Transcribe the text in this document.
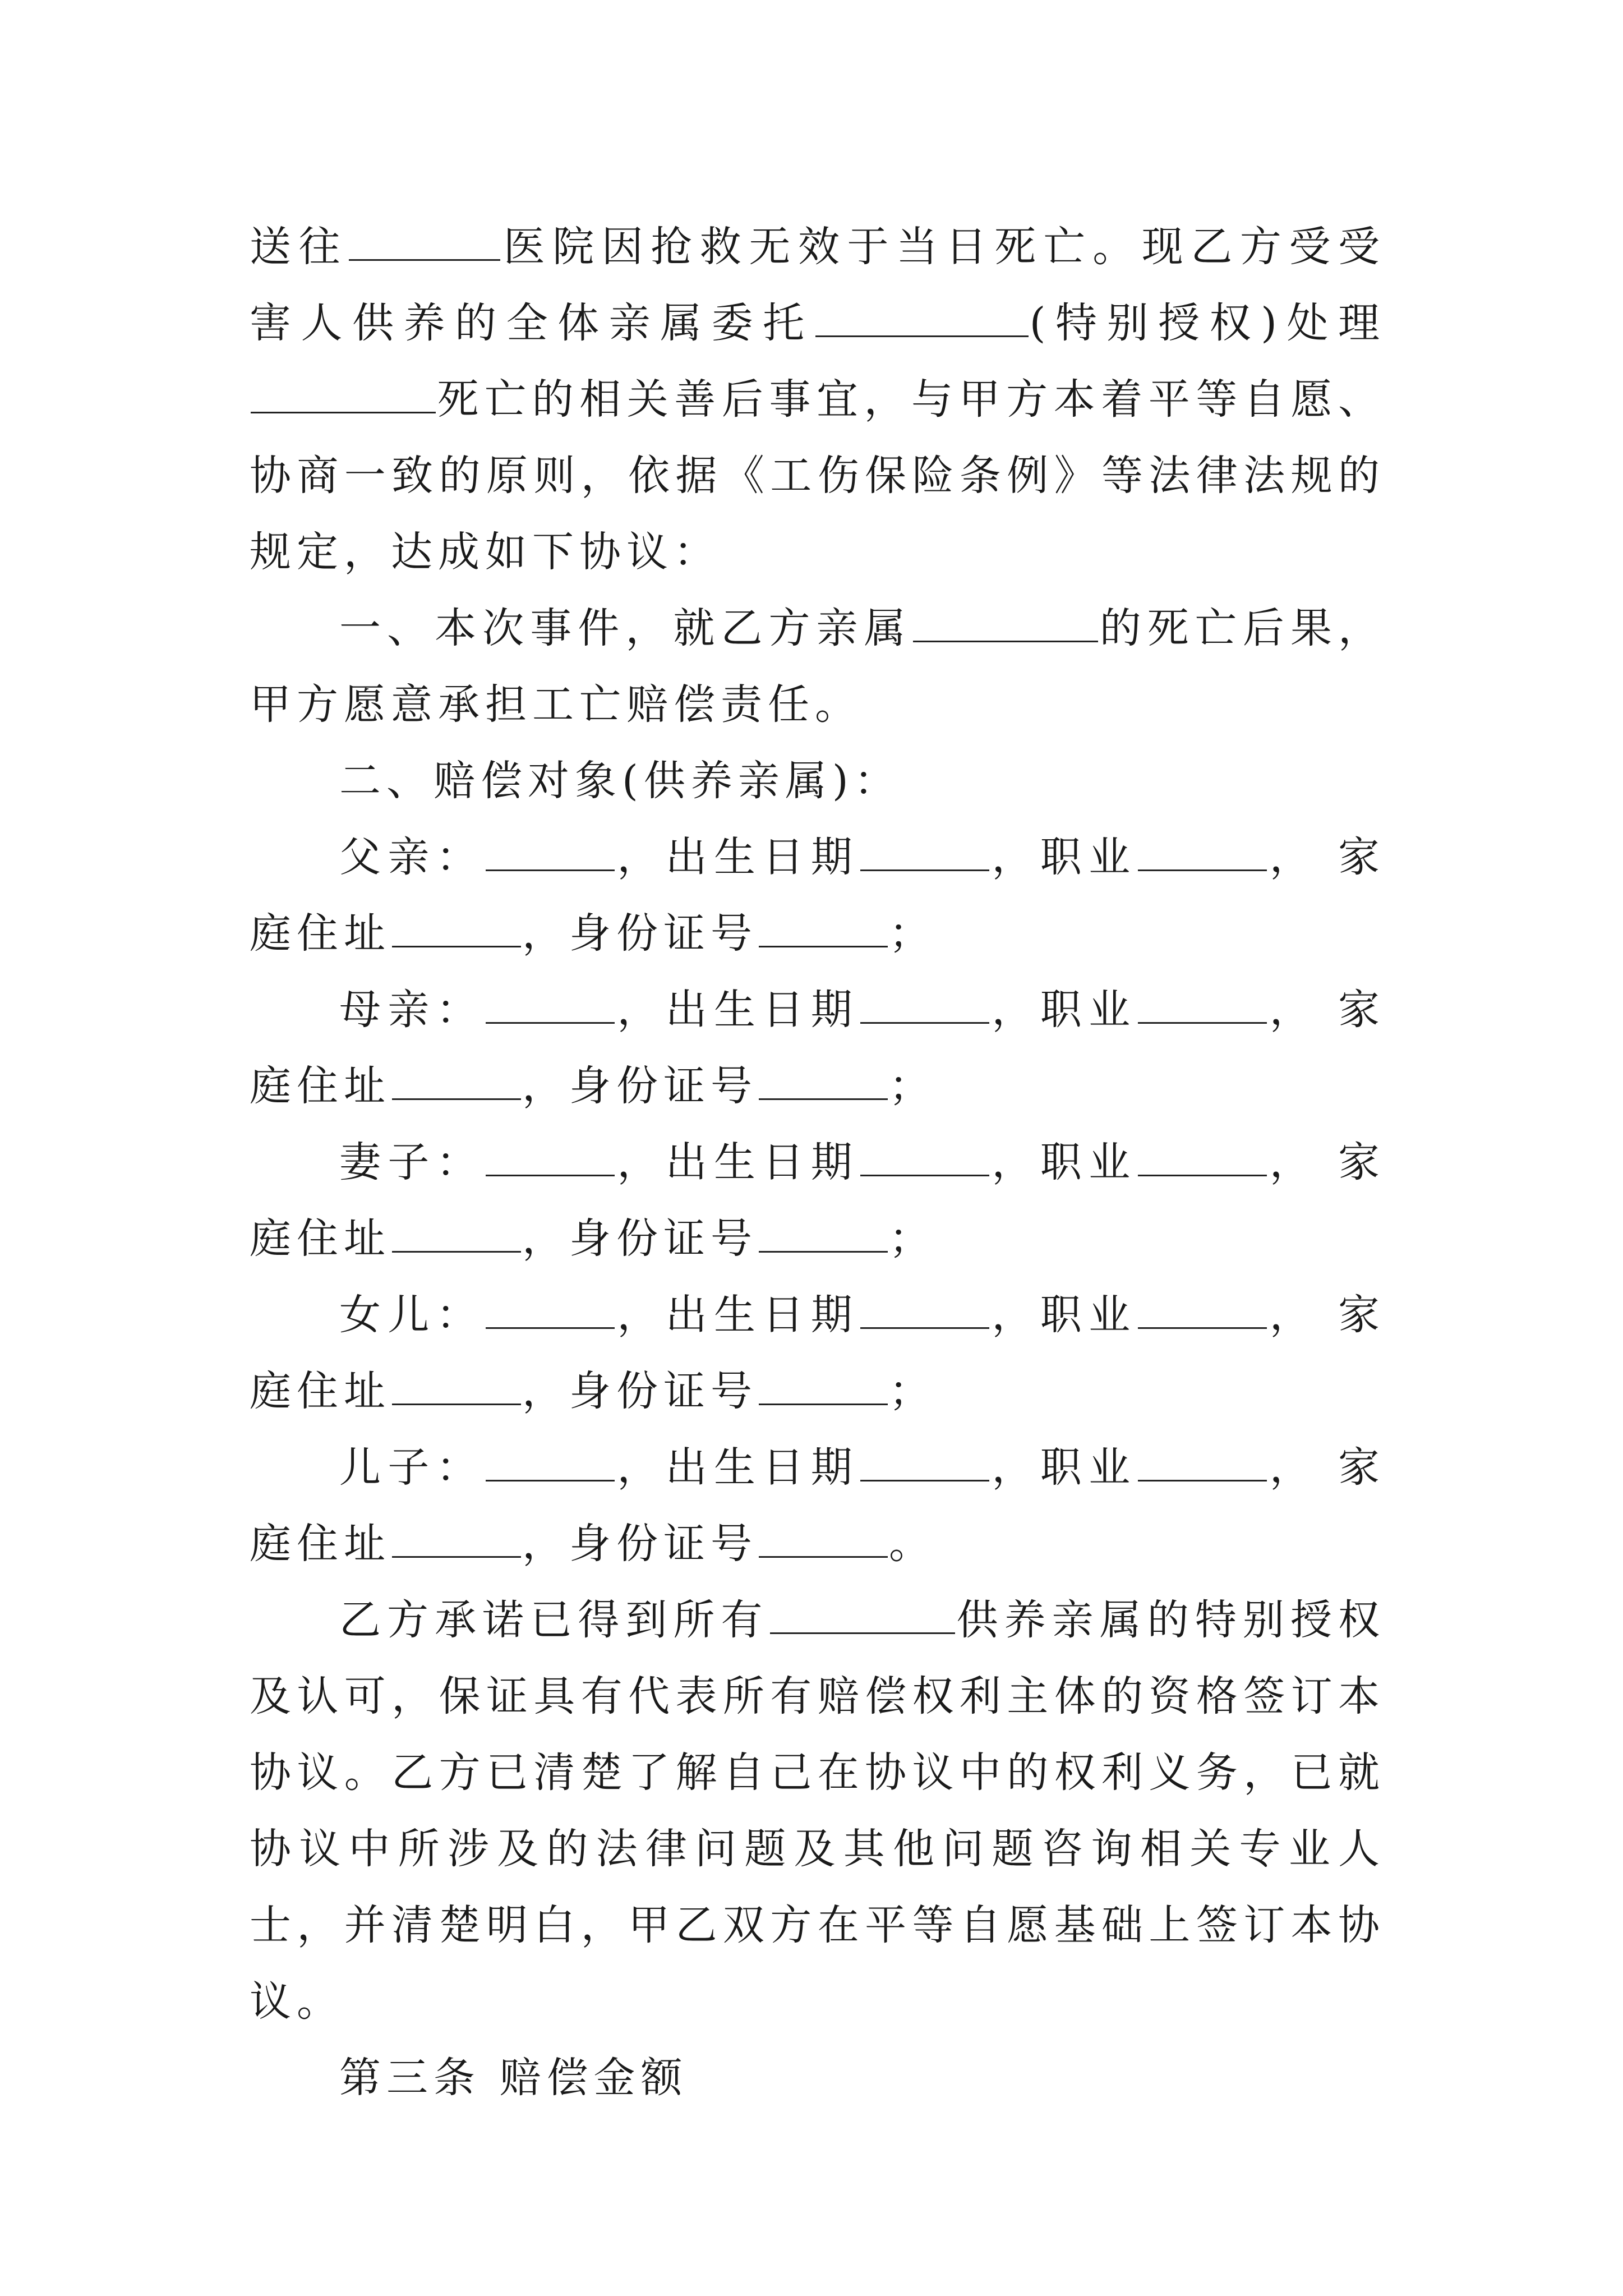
送往	医院因抢救无效于当日死亡。现乙方受受害人供养的全体亲属委托	(特别授权)处理死亡的相关善后事宜，与甲方本着平等自愿、协商一致的原则，依据《工伤保险条例》等法律法规的规定，达成如下协议：

一、本次事件，就乙方亲属	的死亡后果，甲方愿意承担工亡赔偿责任。

二、赔偿对象(供养亲属)：

父亲：	，出生日期	，职业	， 家庭住址	，身份证号	；

母亲：	，出生日期	，职业	， 家庭住址	，身份证号	；

妻子：	，出生日期	，职业	， 家庭住址	，身份证号	；

女儿：	，出生日期	，职业	， 家庭住址	，身份证号	；

儿子：	，出生日期	，职业	， 家庭住址	，身份证号	。

乙方承诺已得到所有	供养亲属的特别授权及认可，保证具有代表所有赔偿权利主体的资格签订本协议。乙方已清楚了解自己在协议中的权利义务，已就协议中所涉及的法律问题及其他问题咨询相关专业人士，并清楚明白，甲乙双方在平等自愿基础上签订本协议。

第三条 赔偿金额
